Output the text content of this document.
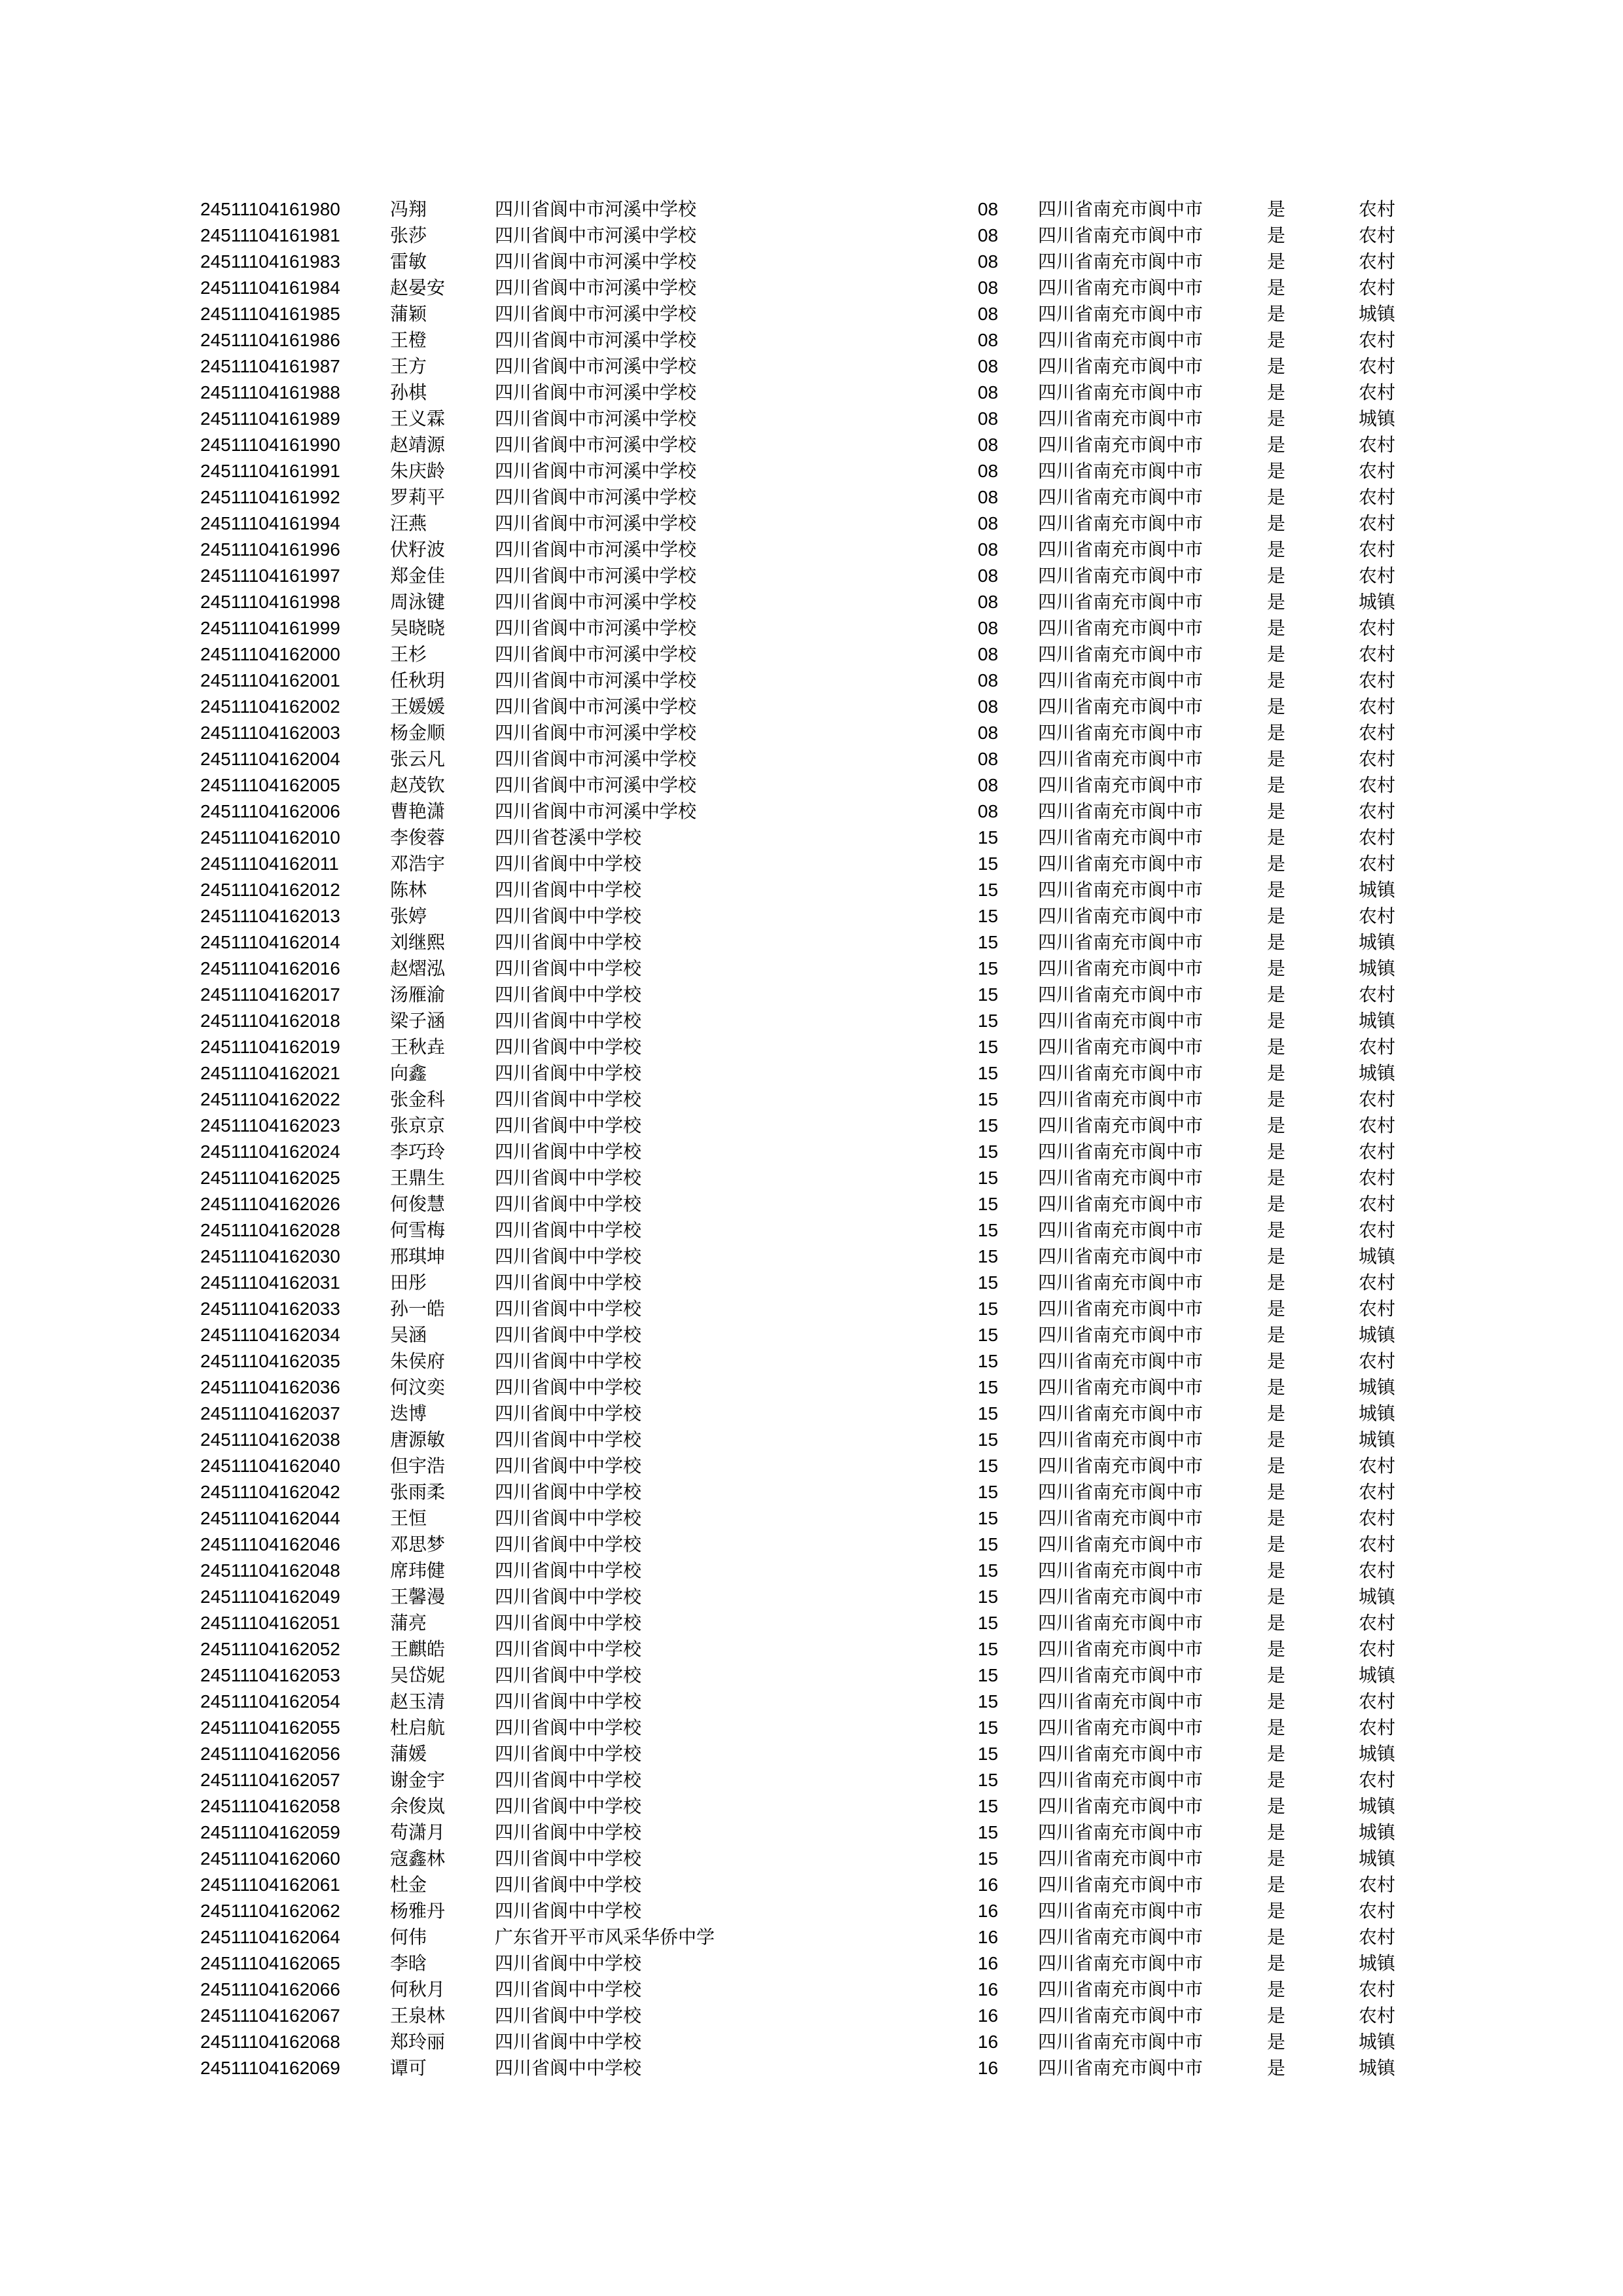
24511104161980	冯翔	四川省阆中市河溪中学校	08	四川省南充市阆中市	是	农村
24511104161981	张莎	四川省阆中市河溪中学校	08	四川省南充市阆中市	是	农村
24511104161983	雷敏	四川省阆中市河溪中学校	08	四川省南充市阆中市	是	农村
24511104161984	赵晏安	四川省阆中市河溪中学校	08	四川省南充市阆中市	是	农村
24511104161985	蒲颖	四川省阆中市河溪中学校	08	四川省南充市阆中市	是	城镇
24511104161986	王橙	四川省阆中市河溪中学校	08	四川省南充市阆中市	是	农村
24511104161987	王方	四川省阆中市河溪中学校	08	四川省南充市阆中市	是	农村
24511104161988	孙棋	四川省阆中市河溪中学校	08	四川省南充市阆中市	是	农村
24511104161989	王义霖	四川省阆中市河溪中学校	08	四川省南充市阆中市	是	城镇
24511104161990	赵靖源	四川省阆中市河溪中学校	08	四川省南充市阆中市	是	农村
24511104161991	朱庆龄	四川省阆中市河溪中学校	08	四川省南充市阆中市	是	农村
24511104161992	罗莉平	四川省阆中市河溪中学校	08	四川省南充市阆中市	是	农村
24511104161994	汪燕	四川省阆中市河溪中学校	08	四川省南充市阆中市	是	农村
24511104161996	伏籽波	四川省阆中市河溪中学校	08	四川省南充市阆中市	是	农村
24511104161997	郑金佳	四川省阆中市河溪中学校	08	四川省南充市阆中市	是	农村
24511104161998	周泳键	四川省阆中市河溪中学校	08	四川省南充市阆中市	是	城镇
24511104161999	吴晓晓	四川省阆中市河溪中学校	08	四川省南充市阆中市	是	农村
24511104162000	王杉	四川省阆中市河溪中学校	08	四川省南充市阆中市	是	农村
24511104162001	任秋玥	四川省阆中市河溪中学校	08	四川省南充市阆中市	是	农村
24511104162002	王媛媛	四川省阆中市河溪中学校	08	四川省南充市阆中市	是	农村
24511104162003	杨金顺	四川省阆中市河溪中学校	08	四川省南充市阆中市	是	农村
24511104162004	张云凡	四川省阆中市河溪中学校	08	四川省南充市阆中市	是	农村
24511104162005	赵茂钦	四川省阆中市河溪中学校	08	四川省南充市阆中市	是	农村
24511104162006	曹艳潇	四川省阆中市河溪中学校	08	四川省南充市阆中市	是	农村
24511104162010	李俊蓉	四川省苍溪中学校	15	四川省南充市阆中市	是	农村
24511104162011	邓浩宇	四川省阆中中学校	15	四川省南充市阆中市	是	农村
24511104162012	陈林	四川省阆中中学校	15	四川省南充市阆中市	是	城镇
24511104162013	张婷	四川省阆中中学校	15	四川省南充市阆中市	是	农村
24511104162014	刘继熙	四川省阆中中学校	15	四川省南充市阆中市	是	城镇
24511104162016	赵熠泓	四川省阆中中学校	15	四川省南充市阆中市	是	城镇
24511104162017	汤雁渝	四川省阆中中学校	15	四川省南充市阆中市	是	农村
24511104162018	梁子涵	四川省阆中中学校	15	四川省南充市阆中市	是	城镇
24511104162019	王秋垚	四川省阆中中学校	15	四川省南充市阆中市	是	农村
24511104162021	向鑫	四川省阆中中学校	15	四川省南充市阆中市	是	城镇
24511104162022	张金科	四川省阆中中学校	15	四川省南充市阆中市	是	农村
24511104162023	张京京	四川省阆中中学校	15	四川省南充市阆中市	是	农村
24511104162024	李巧玲	四川省阆中中学校	15	四川省南充市阆中市	是	农村
24511104162025	王鼎生	四川省阆中中学校	15	四川省南充市阆中市	是	农村
24511104162026	何俊慧	四川省阆中中学校	15	四川省南充市阆中市	是	农村
24511104162028	何雪梅	四川省阆中中学校	15	四川省南充市阆中市	是	农村
24511104162030	邢琪坤	四川省阆中中学校	15	四川省南充市阆中市	是	城镇
24511104162031	田彤	四川省阆中中学校	15	四川省南充市阆中市	是	农村
24511104162033	孙一皓	四川省阆中中学校	15	四川省南充市阆中市	是	农村
24511104162034	吴涵	四川省阆中中学校	15	四川省南充市阆中市	是	城镇
24511104162035	朱侯府	四川省阆中中学校	15	四川省南充市阆中市	是	农村
24511104162036	何汶奕	四川省阆中中学校	15	四川省南充市阆中市	是	城镇
24511104162037	迭博	四川省阆中中学校	15	四川省南充市阆中市	是	城镇
24511104162038	唐源敏	四川省阆中中学校	15	四川省南充市阆中市	是	城镇
24511104162040	但宇浩	四川省阆中中学校	15	四川省南充市阆中市	是	农村
24511104162042	张雨柔	四川省阆中中学校	15	四川省南充市阆中市	是	农村
24511104162044	王恒	四川省阆中中学校	15	四川省南充市阆中市	是	农村
24511104162046	邓思梦	四川省阆中中学校	15	四川省南充市阆中市	是	农村
24511104162048	席玮健	四川省阆中中学校	15	四川省南充市阆中市	是	农村
24511104162049	王馨漫	四川省阆中中学校	15	四川省南充市阆中市	是	城镇
24511104162051	蒲亮	四川省阆中中学校	15	四川省南充市阆中市	是	农村
24511104162052	王麒皓	四川省阆中中学校	15	四川省南充市阆中市	是	农村
24511104162053	吴岱妮	四川省阆中中学校	15	四川省南充市阆中市	是	城镇
24511104162054	赵玉清	四川省阆中中学校	15	四川省南充市阆中市	是	农村
24511104162055	杜启航	四川省阆中中学校	15	四川省南充市阆中市	是	农村
24511104162056	蒲媛	四川省阆中中学校	15	四川省南充市阆中市	是	城镇
24511104162057	谢金宇	四川省阆中中学校	15	四川省南充市阆中市	是	农村
24511104162058	余俊岚	四川省阆中中学校	15	四川省南充市阆中市	是	城镇
24511104162059	苟潇月	四川省阆中中学校	15	四川省南充市阆中市	是	城镇
24511104162060	寇鑫林	四川省阆中中学校	15	四川省南充市阆中市	是	城镇
24511104162061	杜金	四川省阆中中学校	16	四川省南充市阆中市	是	农村
24511104162062	杨雅丹	四川省阆中中学校	16	四川省南充市阆中市	是	农村
24511104162064	何伟	广东省开平市风采华侨中学	16	四川省南充市阆中市	是	农村
24511104162065	李晗	四川省阆中中学校	16	四川省南充市阆中市	是	城镇
24511104162066	何秋月	四川省阆中中学校	16	四川省南充市阆中市	是	农村
24511104162067	王泉林	四川省阆中中学校	16	四川省南充市阆中市	是	农村
24511104162068	郑玲丽	四川省阆中中学校	16	四川省南充市阆中市	是	城镇
24511104162069	谭可	四川省阆中中学校	16	四川省南充市阆中市	是	城镇
